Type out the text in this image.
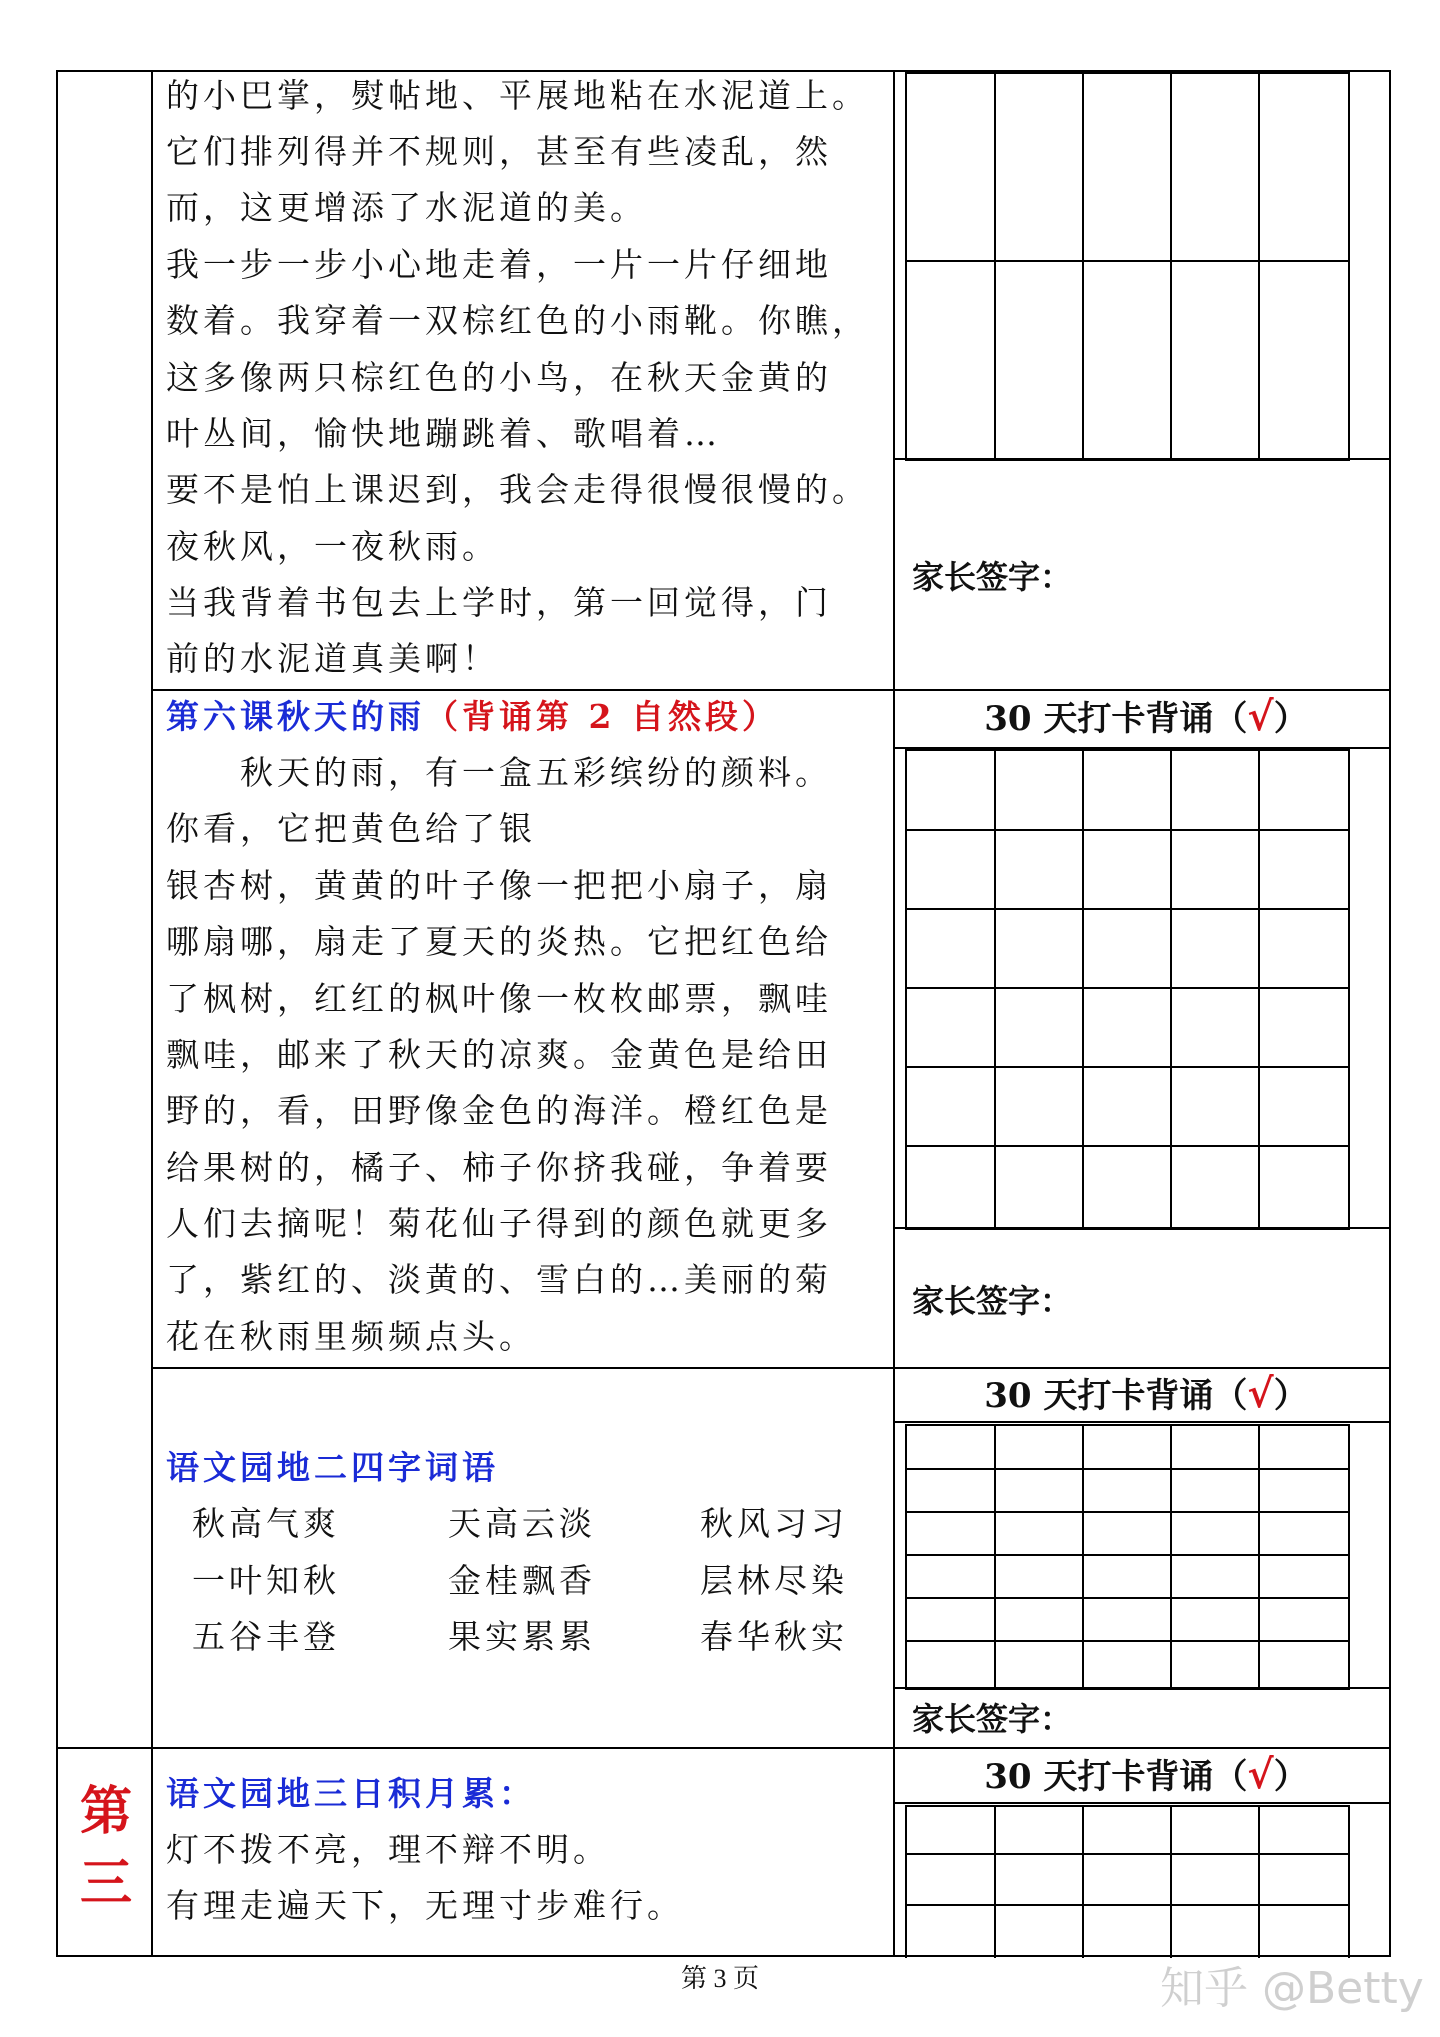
的小巴掌，熨帖地、平展地粘在水泥道上。
它们排列得并不规则，甚至有些凌乱，然
而，这更增添了水泥道的美。
我一步一步小心地走着，一片一片仔细地
数着。我穿着一双棕红色的小雨靴。你瞧，
这多像两只棕红色的小鸟，在秋天金黄的
叶丛间，愉快地蹦跳着、歌唱着…
要不是怕上课迟到，我会走得很慢很慢的。
夜秋风，一夜秋雨。
当我背着书包去上学时，第一回觉得，门
前的水泥道真美啊！
家长签字：
第六课秋天的雨（背诵第 2 自然段）
秋天的雨，有一盒五彩缤纷的颜料。
你看，它把黄色给了银
银杏树，黄黄的叶子像一把把小扇子，扇
哪扇哪，扇走了夏天的炎热。它把红色给
了枫树，红红的枫叶像一枚枚邮票，飘哇
飘哇，邮来了秋天的凉爽。金黄色是给田
野的，看，田野像金色的海洋。橙红色是
给果树的，橘子、柿子你挤我碰，争着要
人们去摘呢！菊花仙子得到的颜色就更多
了，紫红的、淡黄的、雪白的…美丽的菊
花在秋雨里频频点头。
30 天打卡背诵（√）
家长签字：
语文园地二四字词语
秋高气爽	天高云淡	秋风习习
一叶知秋	金桂飘香	层林尽染
五谷丰登	果实累累	春华秋实
30 天打卡背诵（√）
家长签字：
第
三
语文园地三日积月累：
灯不拨不亮，理不辩不明。
有理走遍天下，无理寸步难行。
30 天打卡背诵（√）
第 3 页	知乎 @Betty
